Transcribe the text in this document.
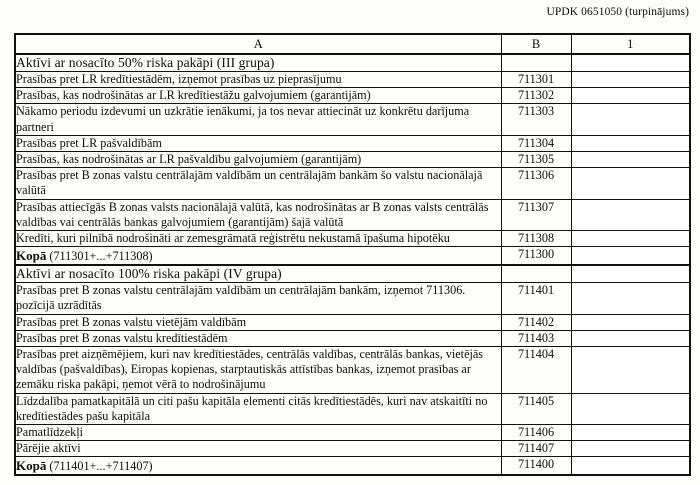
UPDK 0651050 (turpinājums)
A	B	1
Aktīvi ar nosacīto 50% riska pakāpi (III grupa)		
Prasības pret LR kredītiestādēm, izņemot prasības uz pieprasījumu	711301	
Prasības, kas nodrošinātas ar LR kredītiestāžu galvojumiem (garantijām)	711302	
Nākamo periodu izdevumi un uzkrātie ienākumi, ja tos nevar attiecināt uz konkrētu darījuma partneri	711303	
Prasības pret LR pašvaldībām	711304	
Prasības, kas nodrošinātas ar LR pašvaldību galvojumiem (garantijām)	711305	
Prasības pret B zonas valstu centrālajām valdībām un centrālajām bankām šo valstu nacionālajā valūtā	711306	
Prasības attiecīgās B zonas valsts nacionālajā valūtā, kas nodrošinātas ar B zonas valsts centrālās valdības vai centrālās bankas galvojumiem (garantijām) šajā valūtā	711307	
Kredīti, kuri pilnībā nodrošināti ar zemesgrāmatā reģistrētu nekustamā īpašuma hipotēku	711308	
Kopā (711301+...+711308)	711300	
Aktīvi ar nosacīto 100% riska pakāpi (IV grupa)		
Prasības pret B zonas valstu centrālajām valdībām un centrālajām bankām, izņemot 711306. pozīcijā uzrādītās	711401	
Prasības pret B zonas valstu vietējām valdībām	711402	
Prasības pret B zonas valstu kredītiestādēm	711403	
Prasības pret aizņēmējiem, kuri nav kredītiestādes, centrālās valdības, centrālās bankas, vietējās valdības (pašvaldības), Eiropas kopienas, starptautiskās attīstības bankas, izņemot prasības ar zemāku riska pakāpi, ņemot vērā to nodrošinājumu	711404	
Līdzdalība pamatkapitālā un citi pašu kapitāla elementi citās kredītiestādēs, kuri nav atskaitīti no kredītiestādes pašu kapitāla	711405	
Pamatlīdzekļi	711406	
Pārējie aktīvi	711407	
Kopā (711401+...+711407)	711400	
